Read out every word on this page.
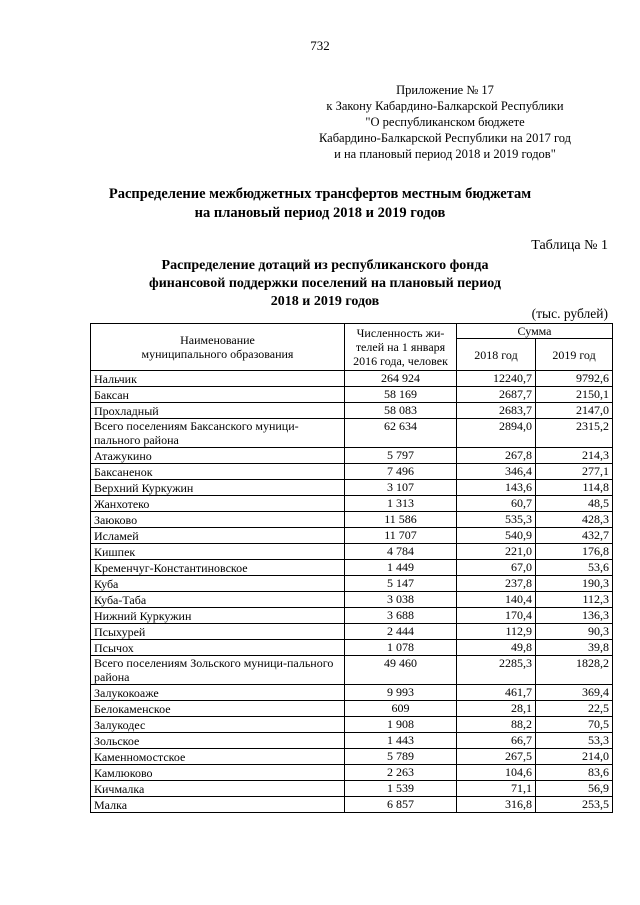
732
Приложение № 17
к Закону Кабардино-Балкарской Республики
"О республиканском бюджете
Кабардино-Балкарской Республики на 2017 год
и на плановый период 2018 и 2019 годов"
Распределение межбюджетных трансфертов местным бюджетам
на плановый период 2018 и 2019 годов
Таблица № 1
Распределение дотаций из республиканского фонда
финансовой поддержки поселений на плановый период
2018 и 2019 годов
(тыс. рублей)
Наименование
муниципального образования	Численность жи-телей на 1 января 2016 года, человек	Сумма	
		2018 год	2019 год
Нальчик	264 924	12240,7	9792,6
Баксан	58 169	2687,7	2150,1
Прохладный	58 083	2683,7	2147,0
Всего поселениям Баксанского муници-пального района	62 634	2894,0	2315,2
Атажукино	5 797	267,8	214,3
Баксаненок	7 496	346,4	277,1
Верхний Куркужин	3 107	143,6	114,8
Жанхотеко	1 313	60,7	48,5
Заюково	11 586	535,3	428,3
Исламей	11 707	540,9	432,7
Кишпек	4 784	221,0	176,8
Кременчуг-Константиновское	1 449	67,0	53,6
Куба	5 147	237,8	190,3
Куба-Таба	3 038	140,4	112,3
Нижний Куркужин	3 688	170,4	136,3
Псыхурей	2 444	112,9	90,3
Псычох	1 078	49,8	39,8
Всего поселениям Зольского муници-пального района	49 460	2285,3	1828,2
Залукокоаже	9 993	461,7	369,4
Белокаменское	609	28,1	22,5
Залукодес	1 908	88,2	70,5
Зольское	1 443	66,7	53,3
Каменномостское	5 789	267,5	214,0
Камлюково	2 263	104,6	83,6
Кичмалка	1 539	71,1	56,9
Малка	6 857	316,8	253,5
